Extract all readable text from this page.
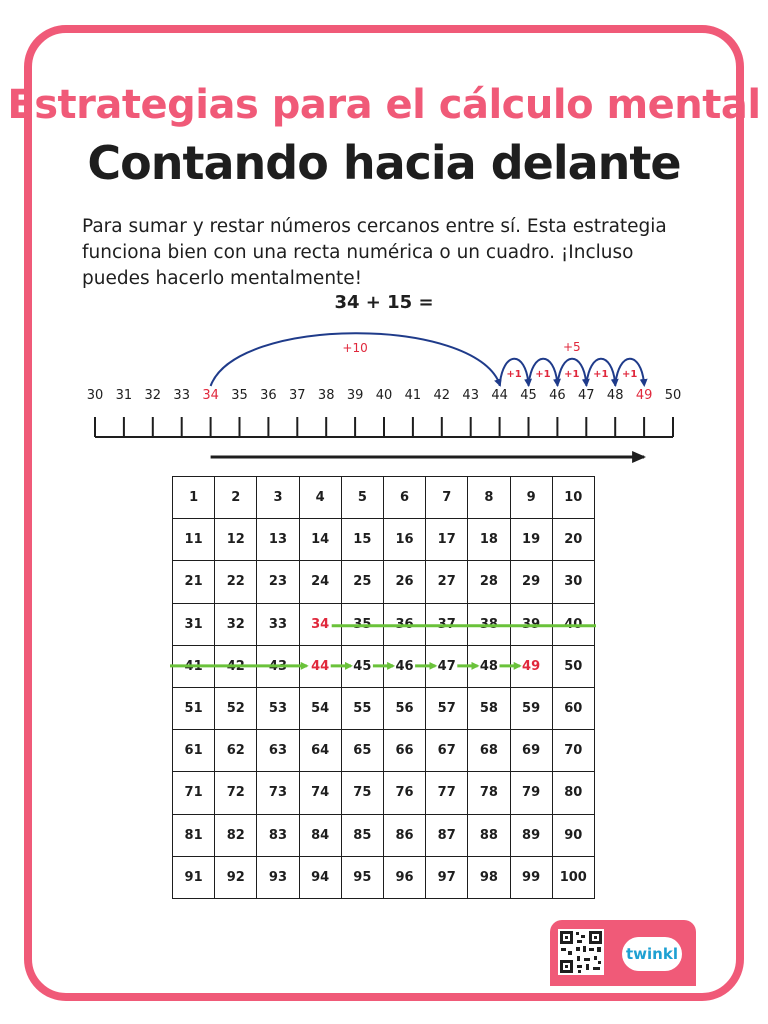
Estrategias para el cálculo mental
Contando hacia delante
Para sumar y restar números cercanos entre sí. Esta estrategia funciona bien con una recta numérica o un cuadro. ¡Incluso puedes hacerlo mentalmente!
34 + 15 =
30 31 32 33 34 35 36 37 38 39 40 41 42 43 44 45 46 47 48 49 50
+10	+5
+1 +1 +1 +1 +1
1	2	3	4	5	6	7	8	9	10
11	12	13	14	15	16	17	18	19	20
21	22	23	24	25	26	27	28	29	30
31	32	33	34	35	36	37	38	39	40
41	42	43	44	45	46	47	48	49	50
51	52	53	54	55	56	57	58	59	60
61	62	63	64	65	66	67	68	69	70
71	72	73	74	75	76	77	78	79	80
81	82	83	84	85	86	87	88	89	90
91	92	93	94	95	96	97	98	99	100
twinkl
